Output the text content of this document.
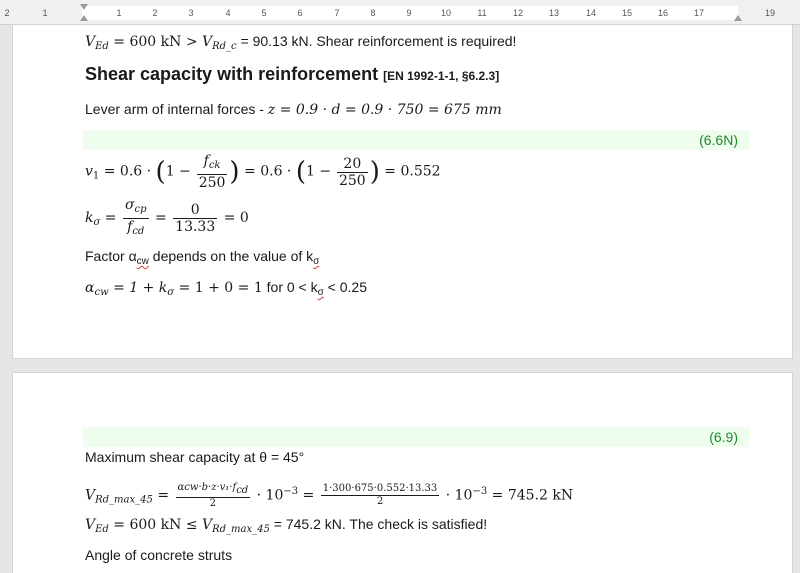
2	1	1	2	3	4	5	6	7	8	9	10	11	12	13	14	15	16	17	19
$V_{Ed} = 600$ kN > $V_{Rd\_c} = 90.13$ kN. Shear reinforcement is required!
Shear capacity with reinforcement [EN 1992-1-1, §6.2.3]
Lever arm of internal forces - z = 0.9 · d = 0.9 · 750 = 675 mm
(6.6N)
$v_1 = 0.6 \cdot (1 - \frac{f_{ck}}{250}$ ) = $0.6 \cdot (1 - \frac{20}{250}$ ) = 0.552
$k_\sigma = \frac{\sigma_{cp}}{f_{cd}} = \frac{0}{13.33} = 0$
Factor $\alpha_{cw}$ depends on the value of $k_\sigma$
$\alpha_{cw} = 1 + k_\sigma = 1 + 0 = 1$ for $0 < k_\sigma < 0.25$
(6.9)
Maximum shear capacity at θ = 45°
$V_{Rd\_max\_45} = \frac{\text{αcw·b·z·v₁·fcd}}{2} \cdot 10^{-3} = \frac{1\cdot 300\cdot 675\cdot 0.552\cdot 13.33}{2} \cdot 10^{-3} = 745.2$ kN
$V_{Ed} = 600$ kN ≤ $V_{Rd\_max\_45} = 745.2$ kN. The check is satisfied!
Angle of concrete struts
